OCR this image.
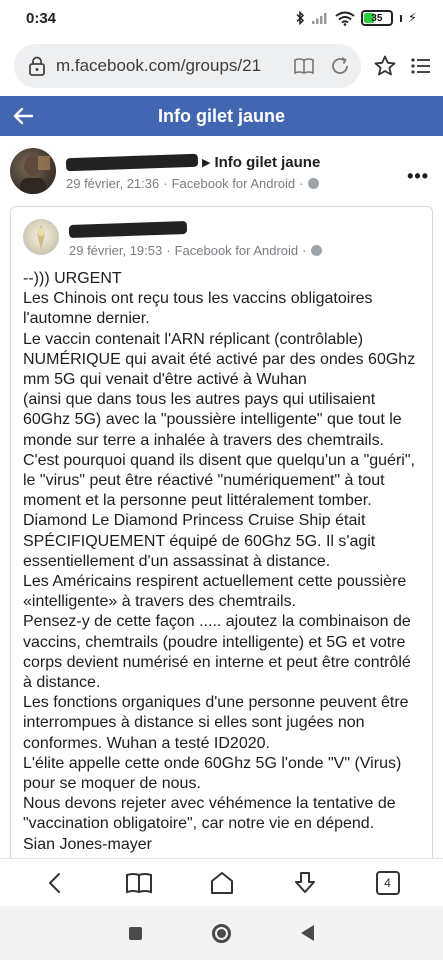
0:34	35 ⚡
m.facebook.com/groups/21
Info gilet jaune
▶ Info gilet jaune
29 février, 21:36 · Facebook for Android ·	•••
29 février, 19:53 · Facebook for Android ·

--))) URGENT

Les Chinois ont reçu tous les vaccins obligatoires l'automne dernier.

Le vaccin contenait l'ARN réplicant (contrôlable) NUMÉRIQUE qui avait été activé par des ondes 60Ghz mm 5G qui venait d'être activé à Wuhan

(ainsi que dans tous les autres pays qui utilisaient 60Ghz 5G) avec la "poussière intelligente" que tout le monde sur terre a inhalée à travers des chemtrails.

C'est pourquoi quand ils disent que quelqu'un a "guéri", le "virus" peut être réactivé "numériquement" à tout moment et la personne peut littéralement tomber.

Diamond Le Diamond Princess Cruise Ship était SPÉCIFIQUEMENT équipé de 60Ghz 5G. Il s'agit essentiellement d'un assassinat à distance.

Les Américains respirent actuellement cette poussière «intelligente» à travers des chemtrails.

Pensez-y de cette façon ..... ajoutez la combinaison de vaccins, chemtrails (poudre intelligente) et 5G et votre corps devient numérisé en interne et peut être contrôlé à distance.

Les fonctions organiques d'une personne peuvent être interrompues à distance si elles sont jugées non conformes. Wuhan a testé ID2020.

L'élite appelle cette onde 60Ghz 5G l'onde "V" (Virus) pour se moquer de nous.

Nous devons rejeter avec véhémence la tentative de "vaccination obligatoire", car notre vie en dépend.

Sian Jones-mayer

4
